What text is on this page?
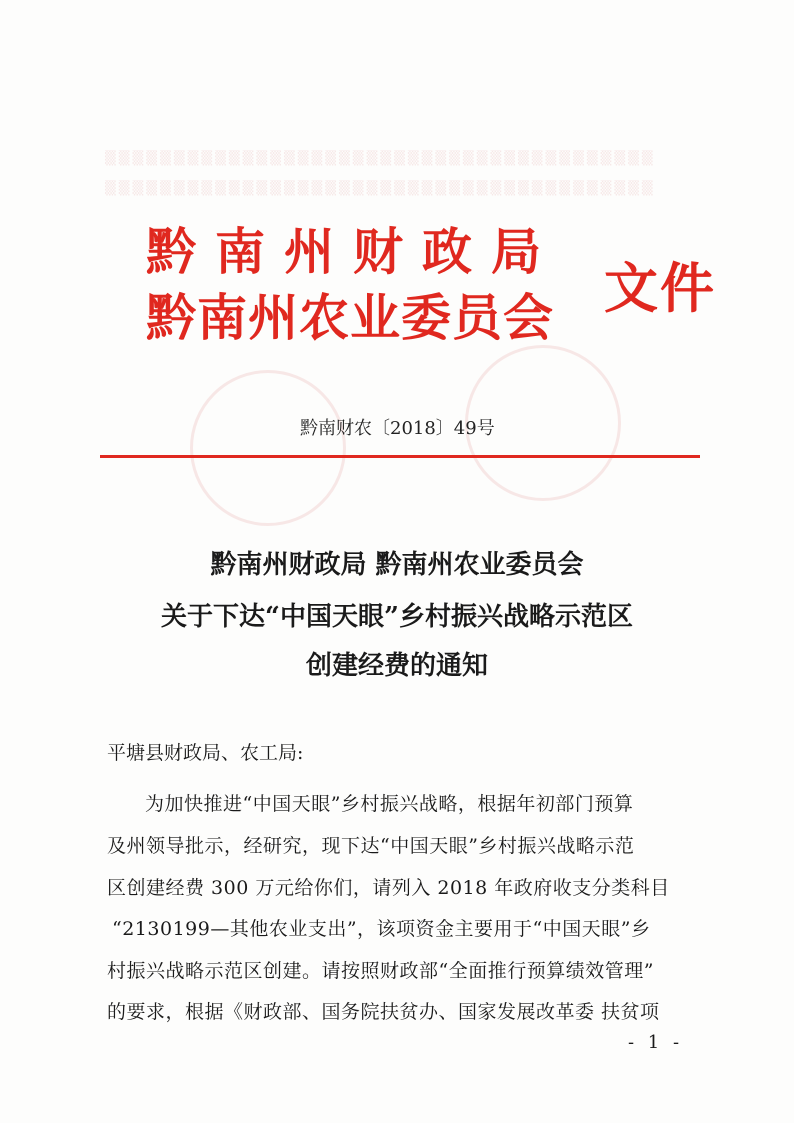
▒▒▒▒▒▒▒▒▒▒▒▒▒▒▒▒▒▒▒▒▒▒▒▒▒▒▒▒▒▒▒▒▒▒▒▒▒▒▒▒
▒▒▒▒▒▒▒▒▒▒▒▒▒▒▒▒▒▒▒▒▒▒▒▒▒▒▒▒▒▒▒▒▒▒▒▒▒▒▒▒
黔南州财政局
黔南州农业委员会 文件
黔南财农〔2018〕49号
黔南州财政局 黔南州农业委员会
关于下达“中国天眼”乡村振兴战略示范区
创建经费的通知
平塘县财政局、农工局:
为加快推进“中国天眼”乡村振兴战略，根据年初部门预算
及州领导批示，经研究，现下达“中国天眼”乡村振兴战略示范
区创建经费 300 万元给你们，请列入 2018 年政府收支分类科目
“2130199—其他农业支出”，该项资金主要用于“中国天眼”乡
村振兴战略示范区创建。请按照财政部“全面推行预算绩效管理”
的要求，根据《财政部、国务院扶贫办、国家发展改革委 扶贫项
- 1 -
